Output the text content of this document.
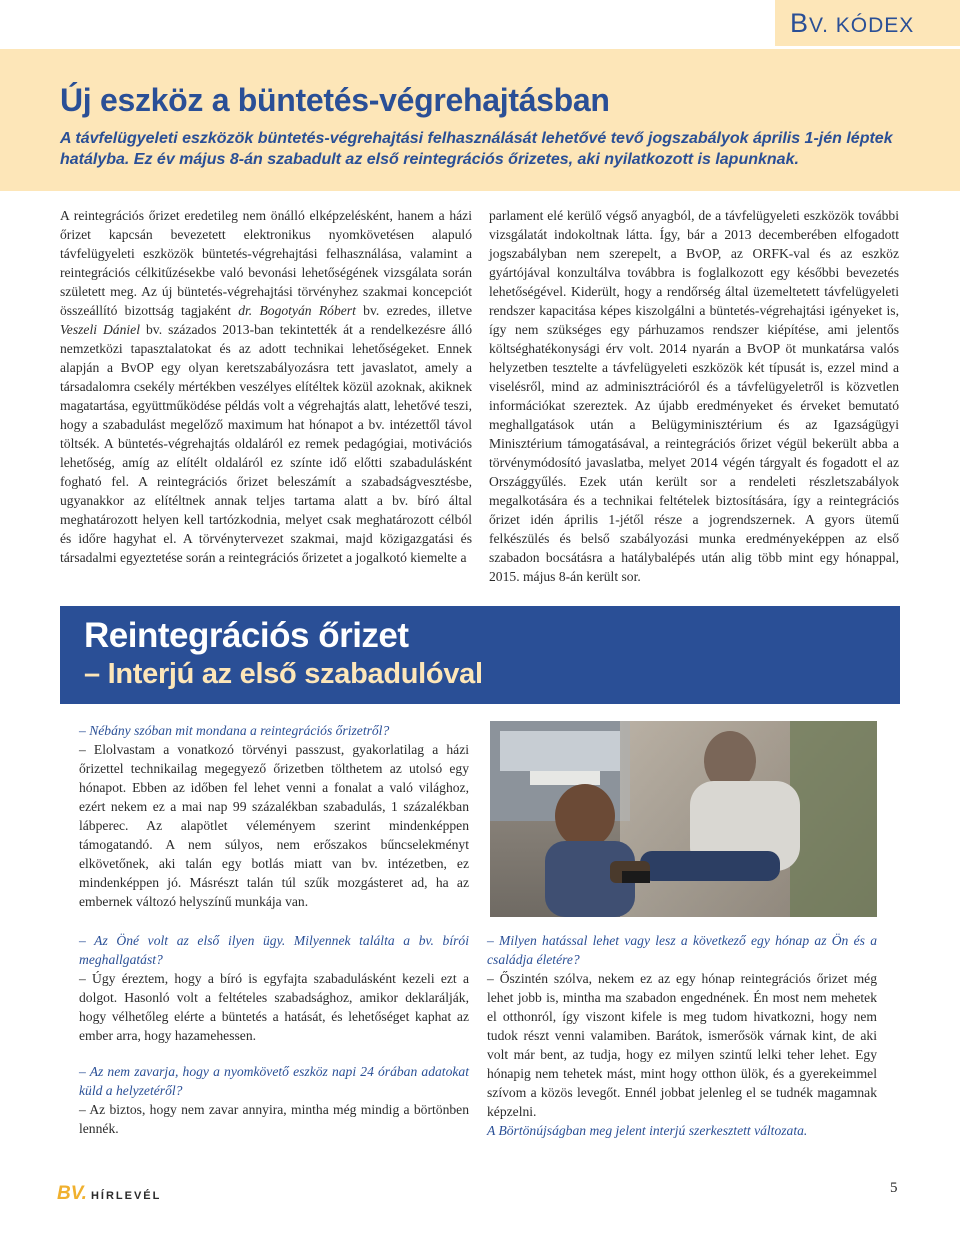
BV. KÓDEX
Új eszköz a büntetés-végrehajtásban
A távfelügyeleti eszközök büntetés-végrehajtási felhasználását lehetővé tevő jogszabályok április 1-jén léptek hatályba. Ez év május 8-án szabadult az első reintegrációs őrizetes, aki nyilatkozott is lapunknak.

A reintegrációs őrizet eredetileg nem önálló elképzelésként, hanem a házi őrizet kapcsán bevezetett elektronikus nyomkövetésen alapuló távfelügyeleti eszközök büntetés-végrehajtási felhasználása, valamint a reintegrációs célkitűzésekbe való bevonási lehetőségének vizsgálata során született meg. Az új büntetés-végrehajtási törvényhez szakmai koncepciót összeállító bizottság tagjaként dr. Bogotyán Róbert bv. ezredes, illetve Veszeli Dániel bv. százados 2013-ban tekintették át a rendelkezésre álló nemzetközi tapasztalatokat és az adott technikai lehetőségeket. Ennek alapján a BvOP egy olyan keretszabályozásra tett javaslatot, amely a társadalomra csekély mértékben veszélyes elítéltek közül azoknak, akiknek magatartása, együttműködése példás volt a végrehajtás alatt, lehetővé teszi, hogy a szabadulást megelőző maximum hat hónapot a bv. intézettől távol töltsék. A büntetés-végrehajtás oldaláról ez remek pedagógiai, motivációs lehetőség, amíg az elítélt oldaláról ez színte idő előtti szabadulásként fogható fel. A reintegrációs őrizet beleszámít a szabadságvesztésbe, ugyanakkor az elítéltnek annak teljes tartama alatt a bv. bíró által meghatározott helyen kell tartózkodnia, melyet csak meghatározott célból és időre hagyhat el. A törvénytervezet szakmai, majd közigazgatási és társadalmi egyeztetése során a reintegrációs őrizetet a jogalkotó kiemelte a

parlament elé kerülő végső anyagból, de a távfelügyeleti eszközök további vizsgálatát indokoltnak látta. Így, bár a 2013 decemberében elfogadott jogszabályban nem szerepelt, a BvOP, az ORFK-val és az eszköz gyártójával konzultálva továbbra is foglalkozott egy későbbi bevezetés lehetőségével. Kiderült, hogy a rendőrség által üzemeltetett távfelügyeleti rendszer kapacitása képes kiszolgálni a büntetés-végrehajtási igényeket is, így nem szükséges egy párhuzamos rendszer kiépítése, ami jelentős költséghatékonysági érv volt. 2014 nyarán a BvOP öt munkatársa valós helyzetben tesztelte a távfelügyeleti eszközök két típusát is, ezzel mind a viselésről, mind az adminisztrációról és a távfelügyeletről is közvetlen információkat szereztek. Az újabb eredményeket és érveket bemutató meghallgatások után a Belügyminisztérium és az Igazságügyi Minisztérium támogatásával, a reintegrációs őrizet végül bekerült abba a törvénymódosító javaslatba, melyet 2014 végén tárgyalt és fogadott el az Országgyűlés. Ezek után került sor a rendeleti részletszabályok megalkotására és a technikai feltételek biztosítására, így a reintegrációs őrizet idén április 1-jétől része a jogrendszernek. A gyors ütemű felkészülés és belső szabályozási munka eredményeképpen az első szabadon bocsátásra a hatálybalépés után alig több mint egy hónappal, 2015. május 8-án került sor.

Reintegrációs őrizet
– Interjú az első szabadulóval

– Nébány szóban mit mondana a reintegrációs őrizetről?

– Elolvastam a vonatkozó törvényi passzust, gyakorlatilag a házi őrizettel technikailag megegyező őrizetben tölthetem az utolsó egy hónapot. Ebben az időben fel lehet venni a fonalat a való világhoz, ezért nekem ez a mai nap 99 százalékban szabadulás, 1 százalékban lábperec. Az alapötlet véleményem szerint mindenképpen támogatandó. A nem súlyos, nem erőszakos bűncselekményt elkövetőnek, aki talán egy botlás miatt van bv. intézetben, ez mindenképpen jó. Másrészt talán túl szűk mozgásteret ad, ha az embernek változó helyszínű munkája van.

– Az Öné volt az első ilyen ügy. Milyennek találta a bv. bírói meghallgatást?

– Úgy éreztem, hogy a bíró is egyfajta szabadulásként kezeli ezt a dolgot. Hasonló volt a feltételes szabadsághoz, amikor deklarálják, hogy vélhetőleg elérte a büntetés a hatását, és lehetőséget kaphat az ember arra, hogy hazamehessen.

– Az nem zavarja, hogy a nyomkövető eszköz napi 24 órában adatokat küld a helyzetéről?

– Az biztos, hogy nem zavar annyira, mintha még mindig a börtönben lennék.

– Milyen hatással lehet vagy lesz a következő egy hónap az Ön és a családja életére?

– Őszintén szólva, nekem ez az egy hónap reintegrációs őrizet még lehet jobb is, mintha ma szabadon engednének. Én most nem mehetek el otthonról, így viszont kifele is meg tudom hivatkozni, hogy nem tudok részt venni valamiben. Barátok, ismerősök várnak kint, de aki volt már bent, az tudja, hogy ez milyen szintű lelki teher lehet. Egy hónapig nem tehetek mást, mint hogy otthon ülök, és a gyerekeimmel szívom a közös levegőt. Ennél jobbat jelenleg el se tudnék magamnak képzelni.

A Börtönújságban meg jelent interjú szerkesztett változata.

BV. HÍRLEVÉL	5
